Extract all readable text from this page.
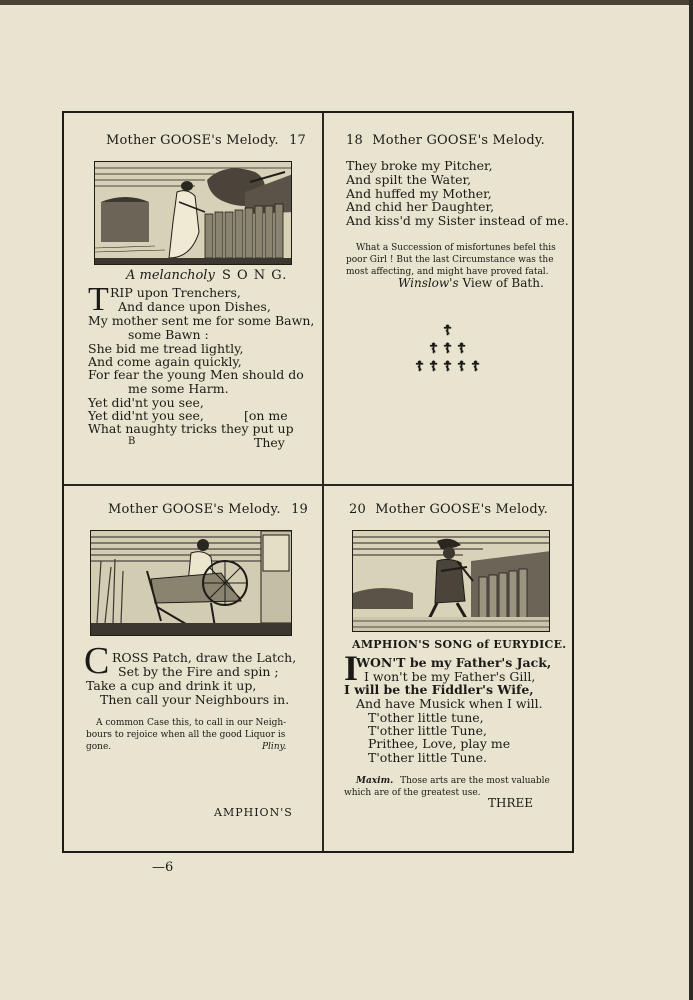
Mother GOOSE's Melody. 17
A melancholy S O N G.
T RIP upon Trenchers,
And dance upon Dishes,
My mother sent me for some Bawn,
some Bawn :
She bid me tread lightly,
And come again quickly,
For fear the young Men should do
me some Harm.
Yet did'nt you see,
Yet did'nt you see,	[on me
What naughty tricks they put up
B	They
18 Mother GOOSE's Melody.
They broke my Pitcher,
And spilt the Water,
And huffed my Mother,
And chid her Daughter,
And kiss'd my Sister instead of me.
What a Succession of misfortunes befel this
poor Girl ! But the last Circumstance was the
most affecting, and might have proved fatal.
Winslow's View of Bath.
☦
☦ ☦ ☦
☦ ☦ ☦ ☦ ☦
Mother GOOSE's Melody. 19
C ROSS Patch, draw the Latch,
Set by the Fire and spin ;
Take a cup and drink it up,
Then call your Neighbours in.
A common Case this, to call in our Neigh-
bours to rejoice when all the good Liquor is
gone.	Pliny.
AMPHION'S
20 Mother GOOSE's Melody.
AMPHION'S SONG of EURYDICE.
I
WON'T be my Father's Jack,
I won't be my Father's Gill,
I will be the Fiddler's Wife,
And have Musick when I will.
T'other little tune,
T'other little Tune,
Prithee, Love, play me
T'other little Tune.
Maxim. Those arts are the most valuable
which are of the greatest use.
THREE
—6
